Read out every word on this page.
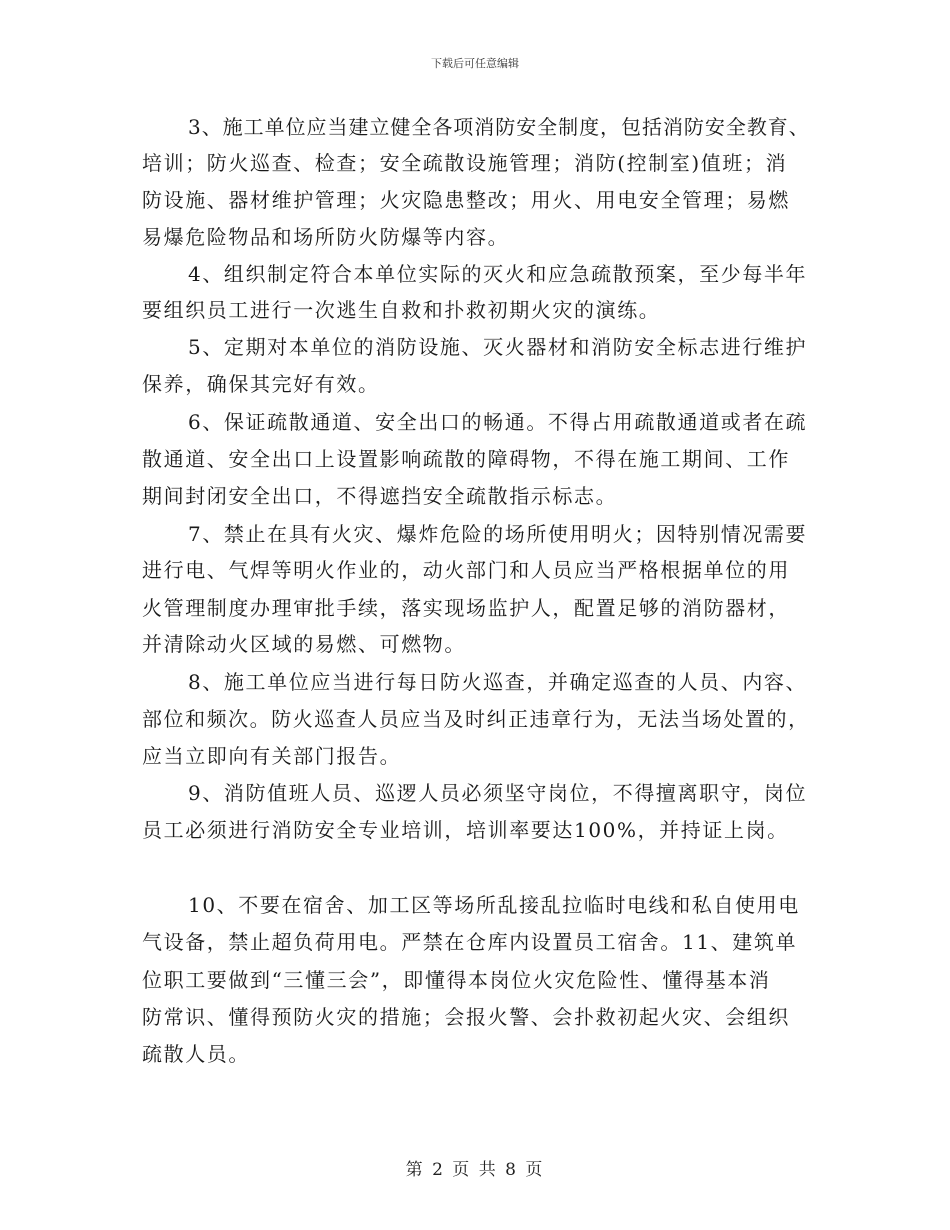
下载后可任意编辑
3、施工单位应当建立健全各项消防安全制度，包括消防安全教育、
培训；防火巡查、检查；安全疏散设施管理；消防(控制室)值班；消
防设施、器材维护管理；火灾隐患整改；用火、用电安全管理；易燃
易爆危险物品和场所防火防爆等内容。
4、组织制定符合本单位实际的灭火和应急疏散预案，至少每半年
要组织员工进行一次逃生自救和扑救初期火灾的演练。
5、定期对本单位的消防设施、灭火器材和消防安全标志进行维护
保养，确保其完好有效。
6、保证疏散通道、安全出口的畅通。不得占用疏散通道或者在疏
散通道、安全出口上设置影响疏散的障碍物，不得在施工期间、工作
期间封闭安全出口，不得遮挡安全疏散指示标志。
7、禁止在具有火灾、爆炸危险的场所使用明火；因特别情况需要
进行电、气焊等明火作业的，动火部门和人员应当严格根据单位的用
火管理制度办理审批手续，落实现场监护人，配置足够的消防器材，
并清除动火区域的易燃、可燃物。
8、施工单位应当进行每日防火巡查，并确定巡查的人员、内容、
部位和频次。防火巡查人员应当及时纠正违章行为，无法当场处置的，
应当立即向有关部门报告。
9、消防值班人员、巡逻人员必须坚守岗位，不得擅离职守，岗位
员工必须进行消防安全专业培训，培训率要达100%，并持证上岗。
10、不要在宿舍、加工区等场所乱接乱拉临时电线和私自使用电
气设备，禁止超负荷用电。严禁在仓库内设置员工宿舍。11、建筑单
位职工要做到“三懂三会”，即懂得本岗位火灾危险性、懂得基本消
防常识、懂得预防火灾的措施；会报火警、会扑救初起火灾、会组织
疏散人员。
第 2 页 共 8 页
